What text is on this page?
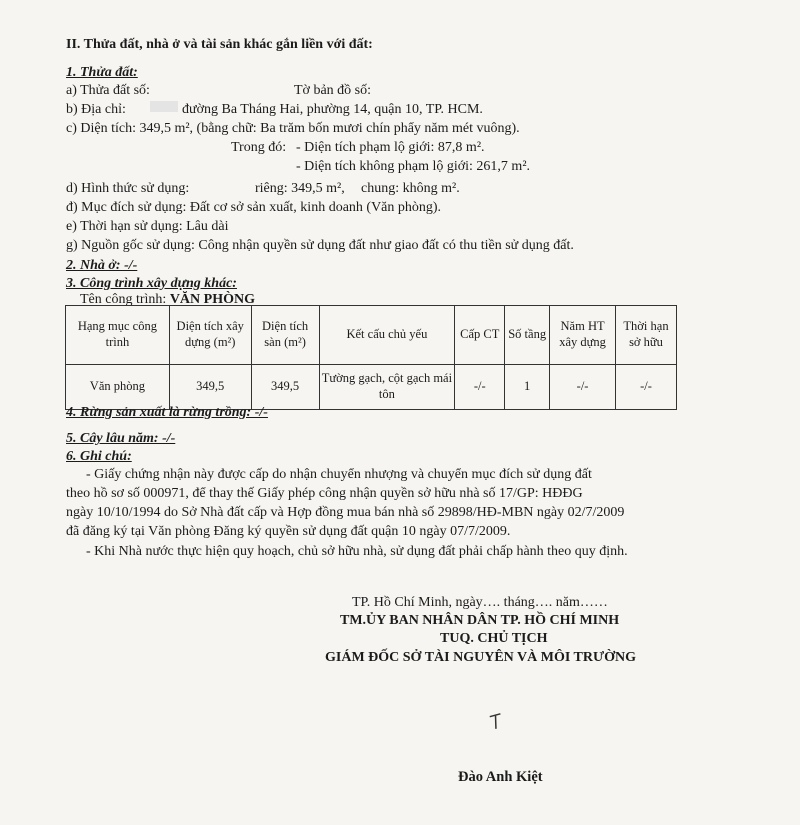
II. Thửa đất, nhà ở và tài sản khác gắn liền với đất:
1. Thửa đất:
a) Thửa đất số:	Tờ bản đồ số:
b) Địa chỉ:	đường Ba Tháng Hai, phường 14, quận 10, TP. HCM.
c) Diện tích: 349,5 m², (bằng chữ: Ba trăm bốn mươi chín phẩy năm mét vuông).
Trong đó: - Diện tích phạm lộ giới: 87,8 m².
- Diện tích không phạm lộ giới: 261,7 m².
d) Hình thức sử dụng:	riêng: 349,5 m², chung: không m².
đ) Mục đích sử dụng: Đất cơ sở sản xuất, kinh doanh (Văn phòng).
e) Thời hạn sử dụng: Lâu dài
g) Nguồn gốc sử dụng: Công nhận quyền sử dụng đất như giao đất có thu tiền sử dụng đất.
2. Nhà ở: -/-
3. Công trình xây dựng khác:
Tên công trình: VĂN PHÒNG
Hạng mục công trình	Diện tích xây dựng (m²)	Diện tích sàn (m²)	Kết cấu chủ yếu	Cấp CT	Số tầng	Năm HT xây dựng	Thời hạn sở hữu
Văn phòng	349,5	349,5	Tường gạch, cột gạch mái tôn	-/-	1	-/-	-/-
4. Rừng sản xuất là rừng trồng: -/-
5. Cây lâu năm: -/-
6. Ghi chú:
- Giấy chứng nhận này được cấp do nhận chuyển nhượng và chuyển mục đích sử dụng đất
theo hồ sơ số 000971, để thay thế Giấy phép công nhận quyền sở hữu nhà số 17/GP: HĐĐG
ngày 10/10/1994 do Sở Nhà đất cấp và Hợp đồng mua bán nhà số 29898/HĐ-MBN ngày 02/7/2009
đã đăng ký tại Văn phòng Đăng ký quyền sử dụng đất quận 10 ngày 07/7/2009.
- Khi Nhà nước thực hiện quy hoạch, chủ sở hữu nhà, sử dụng đất phải chấp hành theo quy định.
TP. Hồ Chí Minh, ngày…. tháng…. năm……
TM.ỦY BAN NHÂN DÂN TP. HỒ CHÍ MINH
TUQ. CHỦ TỊCH
GIÁM ĐỐC SỞ TÀI NGUYÊN VÀ MÔI TRƯỜNG
Đào Anh Kiệt
